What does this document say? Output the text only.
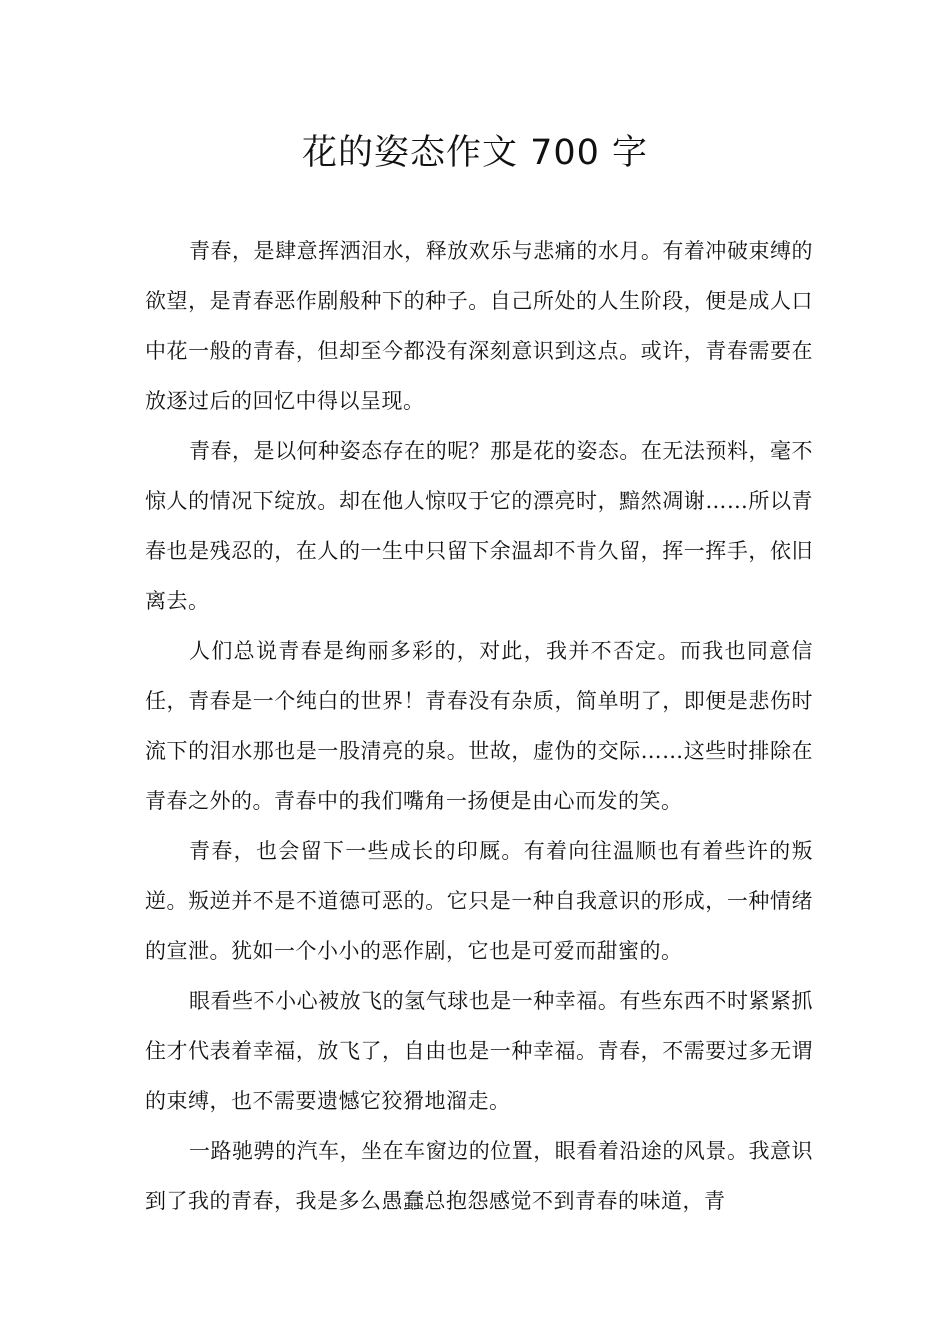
花的姿态作文 700 字

青春，是肆意挥洒泪水，释放欢乐与悲痛的水月。有着冲破束缚的欲望，是青春恶作剧般种下的种子。自己所处的人生阶段，便是成人口中花一般的青春，但却至今都没有深刻意识到这点。或许，青春需要在放逐过后的回忆中得以呈现。

青春，是以何种姿态存在的呢？那是花的姿态。在无法预料，毫不惊人的情况下绽放。却在他人惊叹于它的漂亮时，黯然凋谢……所以青春也是残忍的，在人的一生中只留下余温却不肯久留，挥一挥手，依旧离去。

人们总说青春是绚丽多彩的，对此，我并不否定。而我也同意信任，青春是一个纯白的世界！青春没有杂质，简单明了，即便是悲伤时流下的泪水那也是一股清亮的泉。世故，虚伪的交际……这些时排除在青春之外的。青春中的我们嘴角一扬便是由心而发的笑。

青春，也会留下一些成长的印厩。有着向往温顺也有着些许的叛逆。叛逆并不是不道德可恶的。它只是一种自我意识的形成，一种情绪的宣泄。犹如一个小小的恶作剧，它也是可爱而甜蜜的。

眼看些不小心被放飞的氢气球也是一种幸福。有些东西不时紧紧抓住才代表着幸福，放飞了，自由也是一种幸福。青春，不需要过多无谓的束缚，也不需要遗憾它狡猾地溜走。

一路驰骋的汽车，坐在车窗边的位置，眼看着沿途的风景。我意识到了我的青春，我是多么愚蠢总抱怨感觉不到青春的味道，青
